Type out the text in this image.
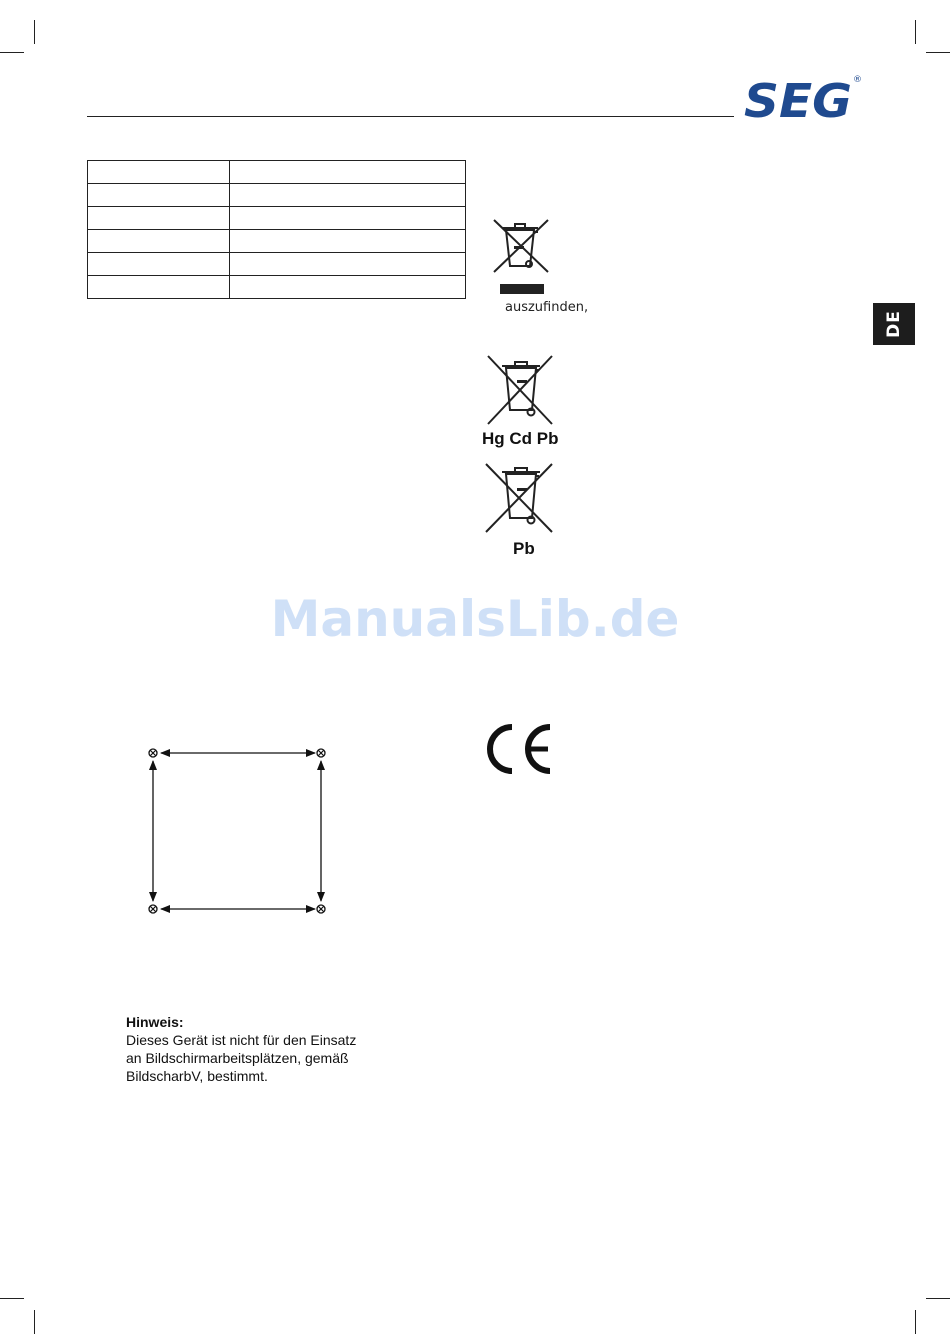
SEG ®
DE

auszufinden,
Hg Cd Pb
Pb
ManualsLib.de
Hinweis:
Dieses Gerät ist nicht für den Einsatz
an Bildschirmarbeitsplätzen, gemäß
BildscharbV, bestimmt.
